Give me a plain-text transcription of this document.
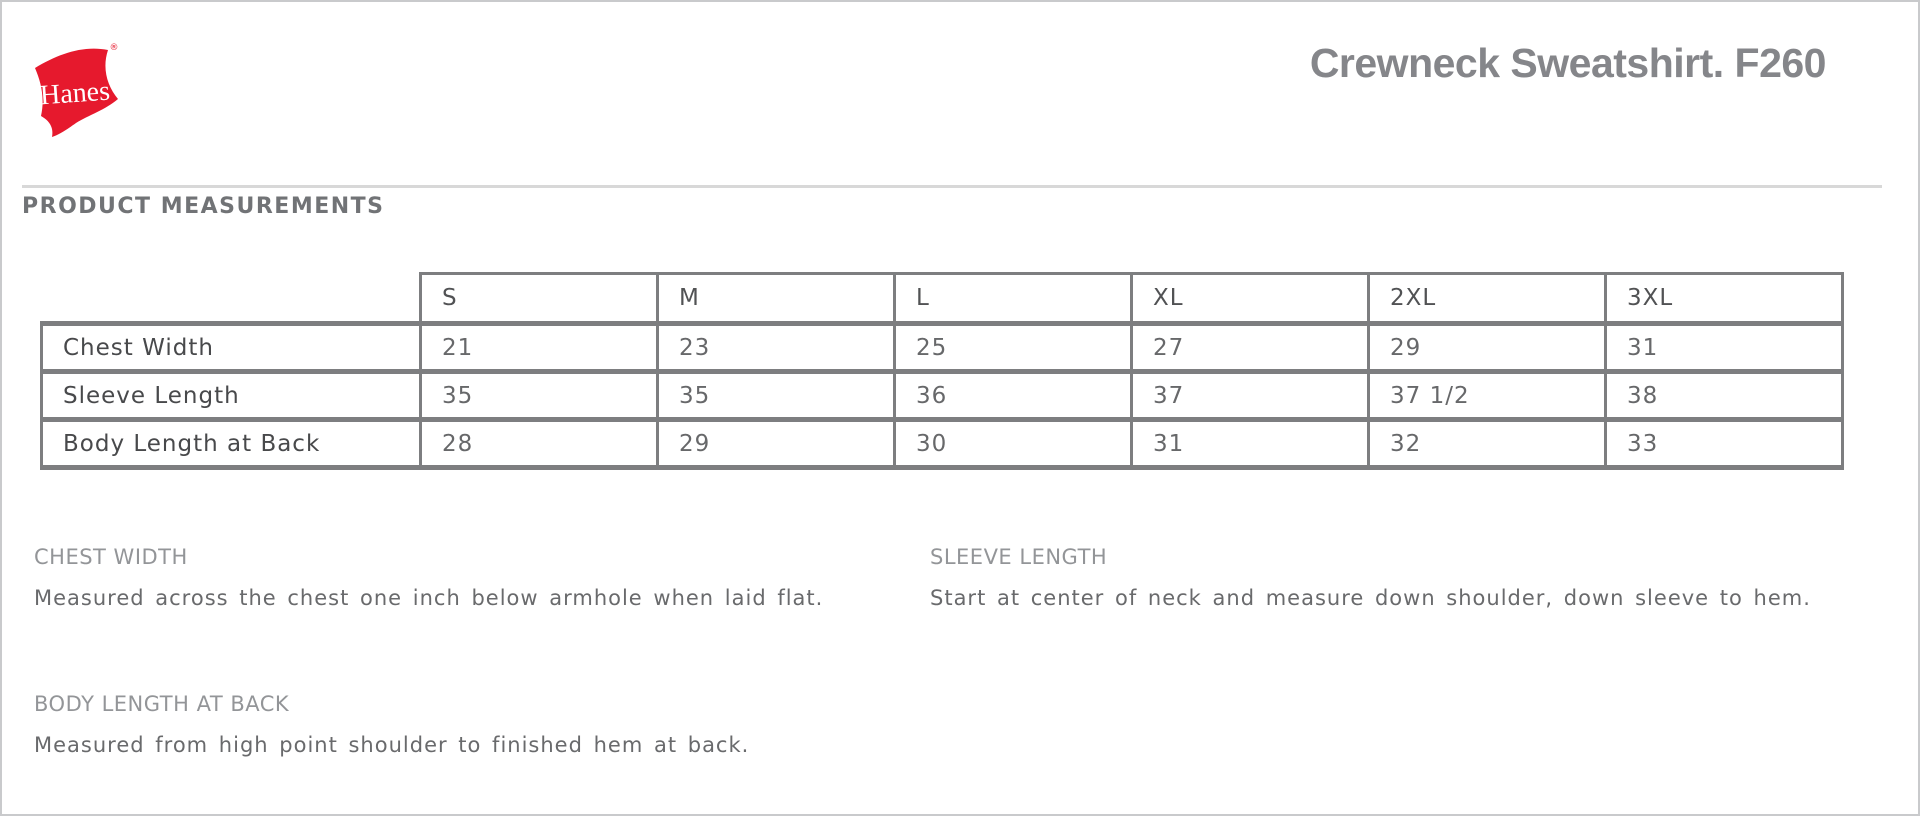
Hanes
®	Crewneck Sweatshirt. F260
PRODUCT MEASUREMENTS
	S	M	L	XL	2XL	3XL
Chest Width	21	23	25	27	29	31
Sleeve Length	35	35	36	37	37 1/2	38
Body Length at Back	28	29	30	31	32	33
CHEST WIDTH

Measured across the chest one inch below armhole when laid flat.

SLEEVE LENGTH

Start at center of neck and measure down shoulder, down sleeve to hem.

BODY LENGTH AT BACK

Measured from high point shoulder to finished hem at back.
